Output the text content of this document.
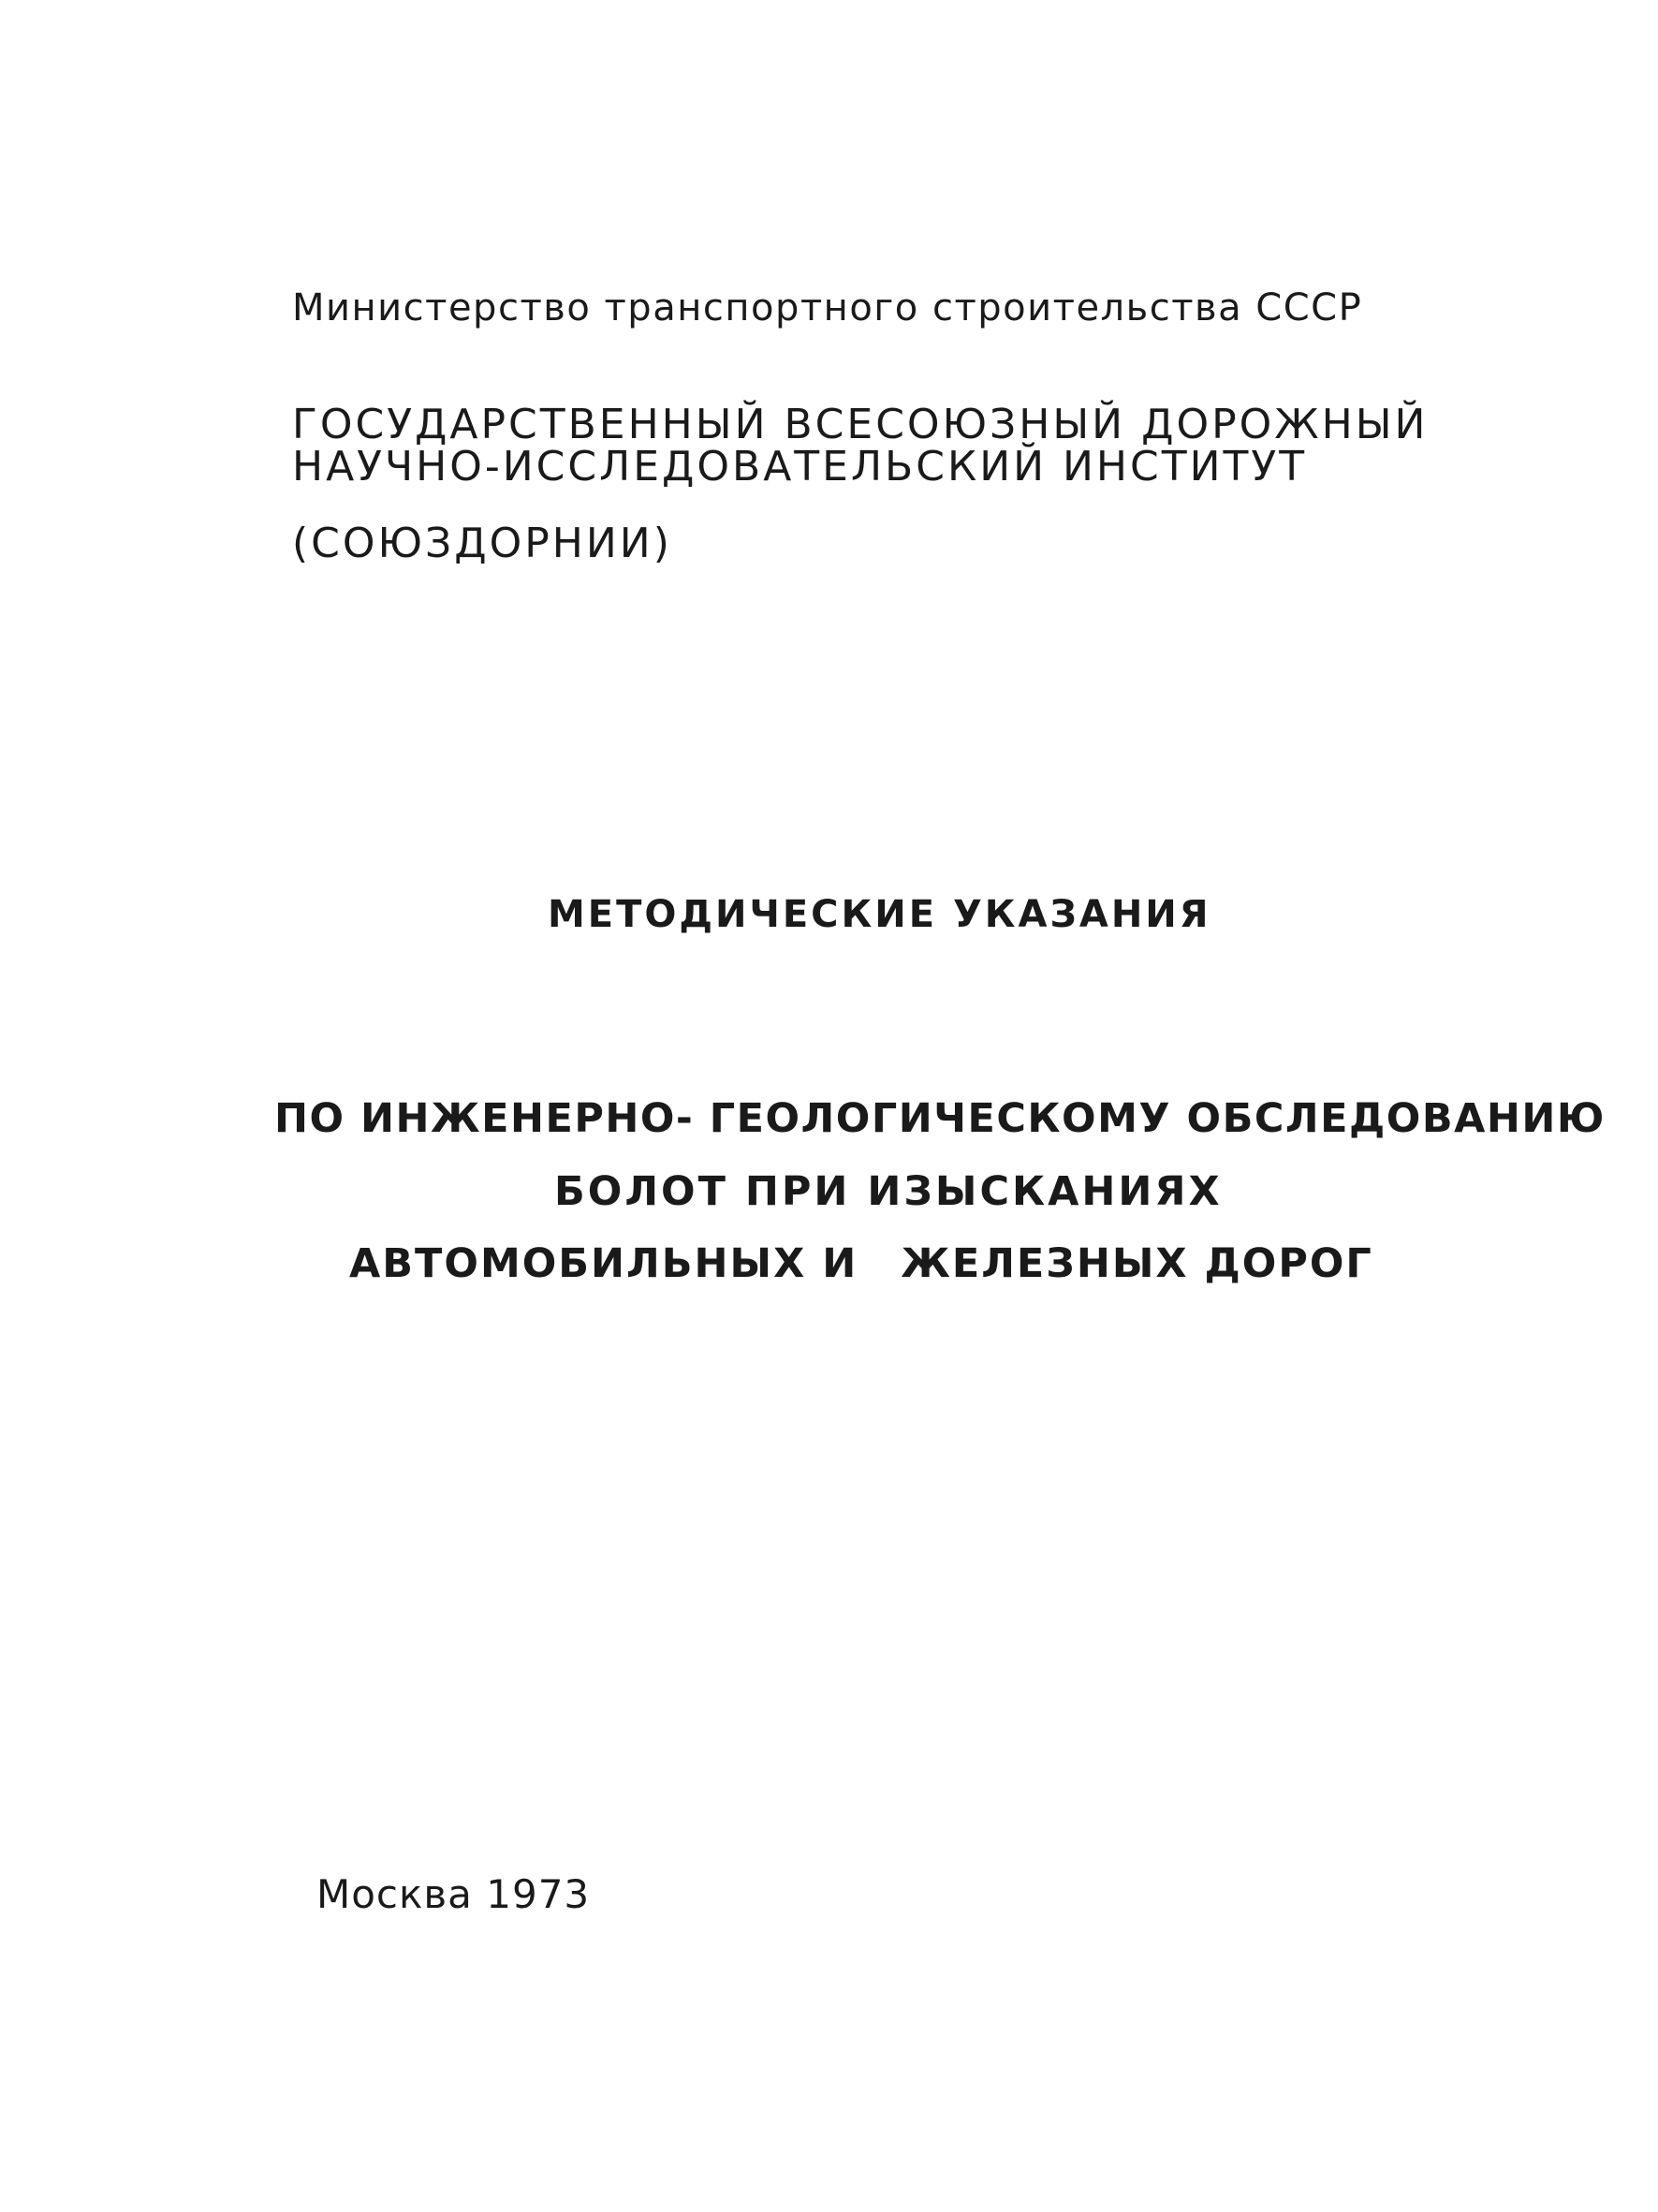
Министерство транспортного строительства СССР
ГОСУДАРСТВЕННЫЙ ВСЕСОЮЗНЫЙ ДОРОЖНЫЙ
НАУЧНО-ИССЛЕДОВАТЕЛЬСКИЙ ИНСТИТУТ
(СОЮЗДОРНИИ)
МЕТОДИЧЕСКИЕ УКАЗАНИЯ
ПО ИНЖЕНЕРНО- ГЕОЛОГИЧЕСКОМУ ОБСЛЕДОВАНИЮ
БОЛОТ ПРИ ИЗЫСКАНИЯХ
АВТОМОБИЛЬНЫХ И ЖЕЛЕЗНЫХ ДОРОГ
Москва 1973
